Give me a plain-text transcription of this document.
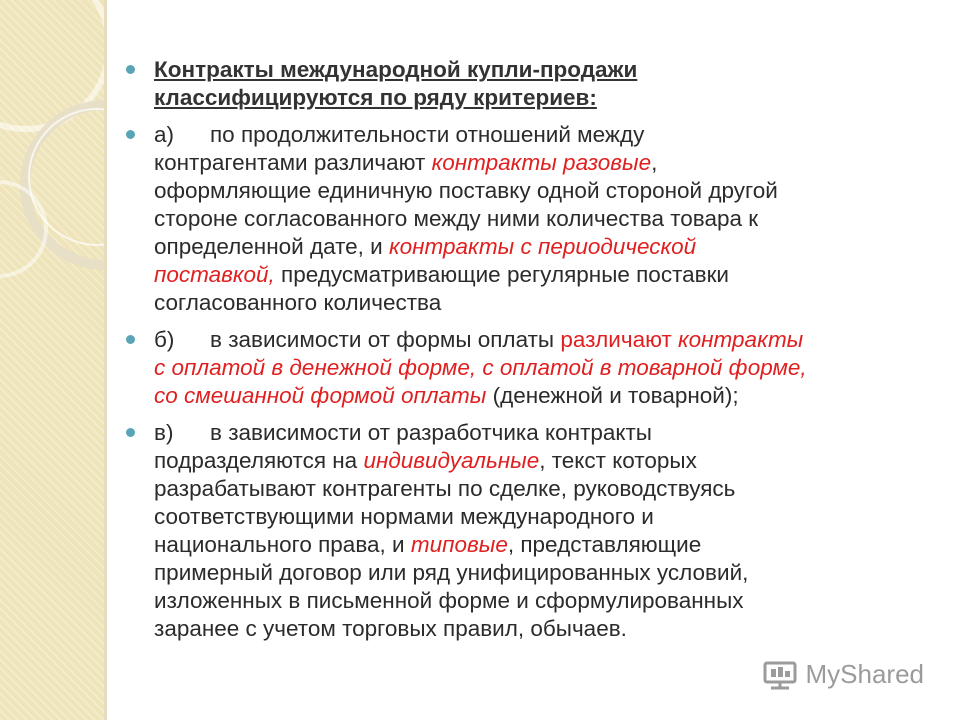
Контракты международной купли-продажи
классифицируются по ряду критериев:
а) по продолжительности отношений между
контрагентами различают контракты разовые,
оформляющие единичную поставку одной стороной другой
стороне согласованного между ними количества товара к
определенной дате, и контракты с периодической
поставкой, предусматривающие регулярные поставки
согласованного количества
б) в зависимости от формы оплаты различают контракты
с оплатой в денежной форме, с оплатой в товарной форме,
со смешанной формой оплаты (денежной и товарной);
в) в зависимости от разработчика контракты
подразделяются на индивидуальные, текст которых
разрабатывают контрагенты по сделке, руководствуясь
соответствующими нормами международного и
национального права, и типовые, представляющие
примерный договор или ряд унифицированных условий,
изложенных в письменной форме и сформулированных
заранее с учетом торговых правил, обычаев.
MyShared
